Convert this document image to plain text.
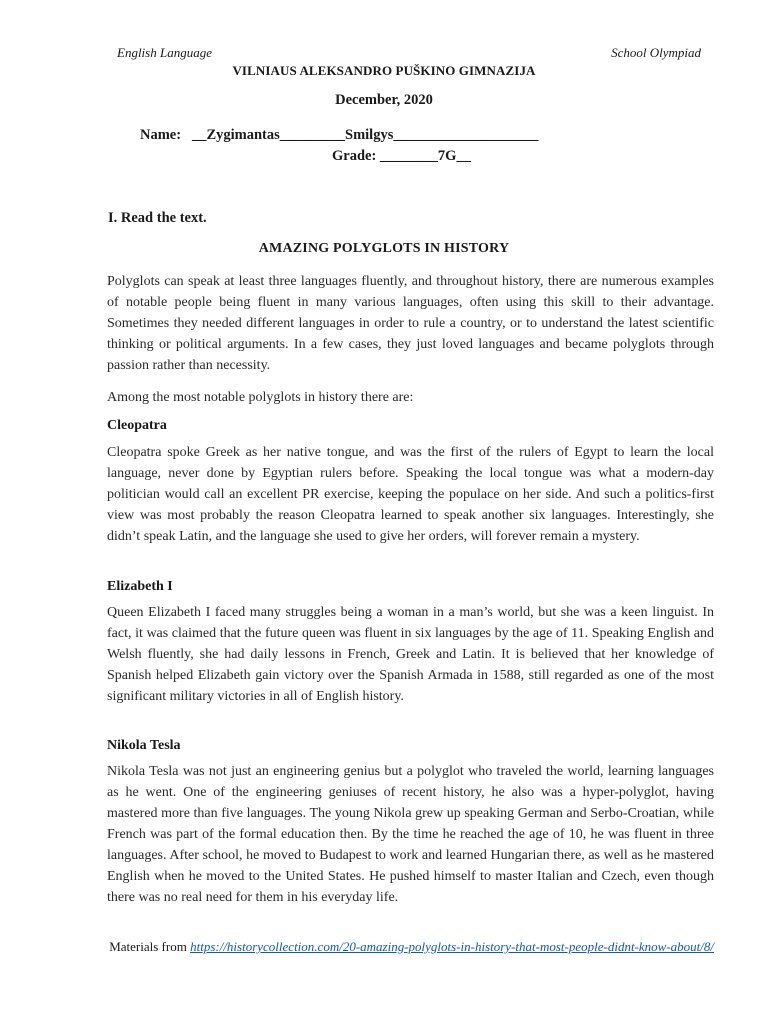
English Language	School Olympiad
VILNIAUS ALEKSANDRO PUŠKINO GIMNAZIJA
December, 2020
Name:   __Zygimantas_________Smilgys____________________
Grade: ________7G__
I. Read the text.
AMAZING POLYGLOTS IN HISTORY
Polyglots can speak at least three languages fluently, and throughout history, there are numerous examples of notable people being fluent in many various languages, often using this skill to their advantage. Sometimes they needed different languages in order to rule a country, or to understand the latest scientific thinking or political arguments. In a few cases, they just loved languages and became polyglots through passion rather than necessity.
Among the most notable polyglots in history there are:
Cleopatra
Cleopatra spoke Greek as her native tongue, and was the first of the rulers of Egypt to learn the local language, never done by Egyptian rulers before. Speaking the local tongue was what a modern-day politician would call an excellent PR exercise, keeping the populace on her side. And such a politics-first view was most probably the reason Cleopatra learned to speak another six languages. Interestingly, she didn’t speak Latin, and the language she used to give her orders, will forever remain a mystery.
Elizabeth I
Queen Elizabeth I faced many struggles being a woman in a man’s world, but she was a keen linguist. In fact, it was claimed that the future queen was fluent in six languages by the age of 11. Speaking English and Welsh fluently, she had daily lessons in French, Greek and Latin. It is believed that her knowledge of Spanish helped Elizabeth gain victory over the Spanish Armada in 1588, still regarded as one of the most significant military victories in all of English history.
Nikola Tesla
Nikola Tesla was not just an engineering genius but a polyglot who traveled the world, learning languages as he went. One of the engineering geniuses of recent history, he also was a hyper-polyglot, having mastered more than five languages. The young Nikola grew up speaking German and Serbo-Croatian, while French was part of the formal education then. By the time he reached the age of 10, he was fluent in three languages. After school, he moved to Budapest to work and learned Hungarian there, as well as he mastered English when he moved to the United States. He pushed himself to master Italian and Czech, even though there was no real need for them in his everyday life.
Materials from https://historycollection.com/20-amazing-polyglots-in-history-that-most-people-didnt-know-about/8/
